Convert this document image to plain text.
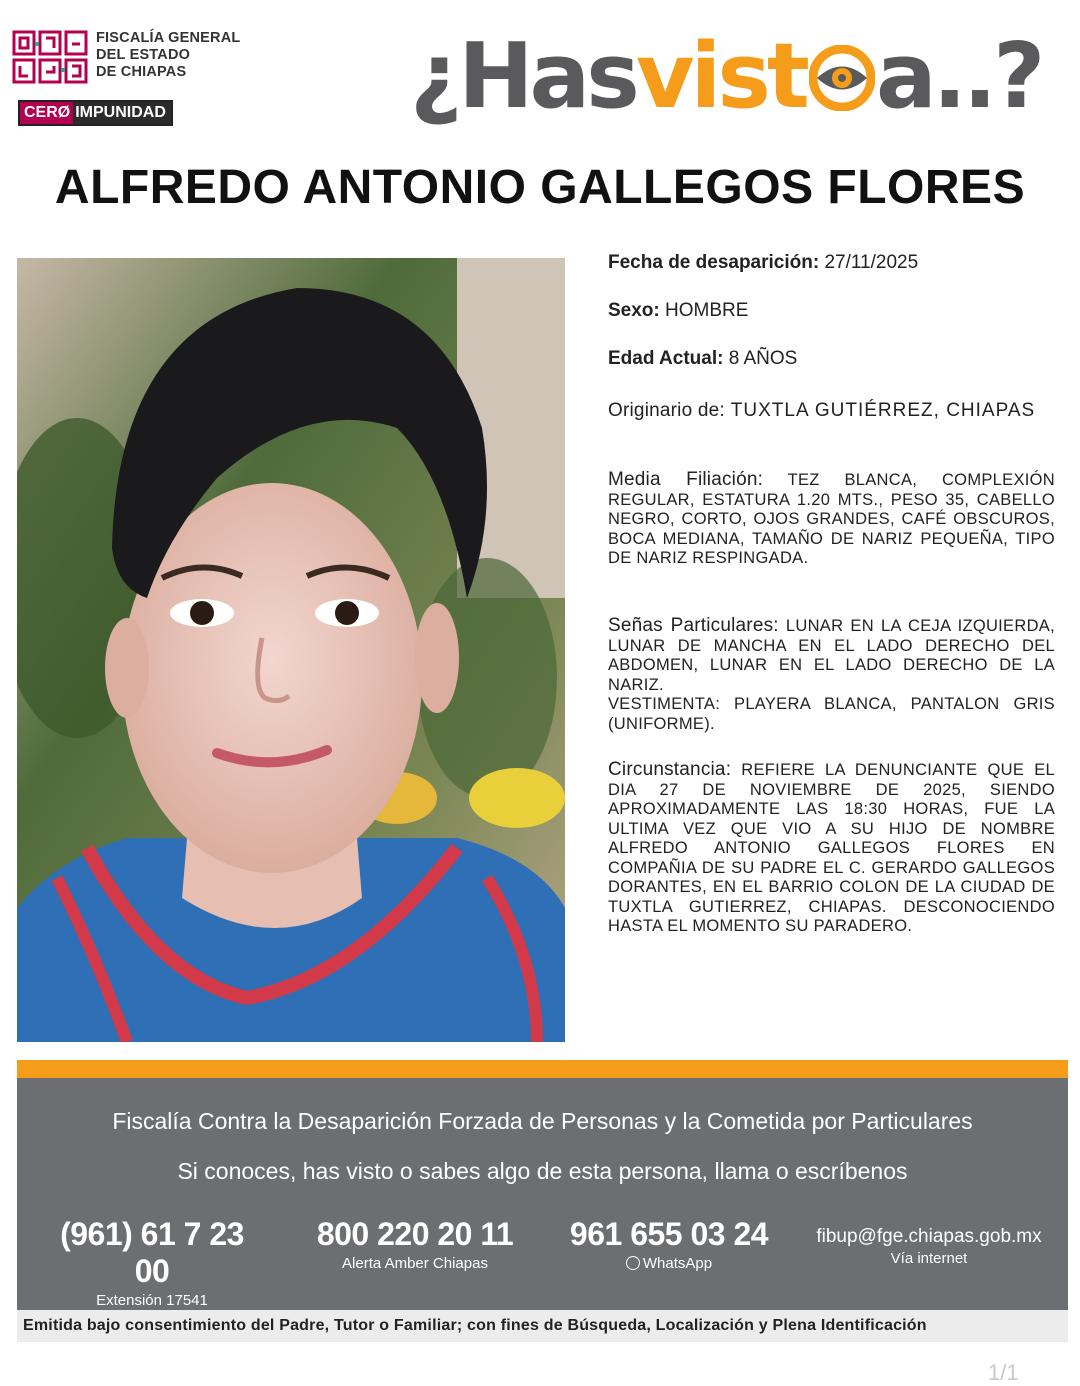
FISCALÍA GENERAL
DEL ESTADO
DE CHIAPAS
CERØ IMPUNIDAD	¿Hasvist a..?
ALFREDO ANTONIO GALLEGOS FLORES
Fecha de desaparición: 27/11/2025
Sexo: HOMBRE
Edad Actual: 8 AÑOS
Originario de: TUXTLA GUTIÉRREZ, CHIAPAS
Media Filiación: TEZ BLANCA, COMPLEXIÓN REGULAR, ESTATURA 1.20 MTS., PESO 35, CABELLO NEGRO, CORTO, OJOS GRANDES, CAFÉ OBSCUROS, BOCA MEDIANA, TAMAÑO DE NARIZ PEQUEÑA, TIPO DE NARIZ RESPINGADA.
Señas Particulares: LUNAR EN LA CEJA IZQUIERDA, LUNAR DE MANCHA EN EL LADO DERECHO DEL ABDOMEN, LUNAR EN EL LADO DERECHO DE LA NARIZ.
VESTIMENTA: PLAYERA BLANCA, PANTALON GRIS (UNIFORME).
Circunstancia: REFIERE LA DENUNCIANTE QUE EL DIA 27 DE NOVIEMBRE DE 2025, SIENDO APROXIMADAMENTE LAS 18:30 HORAS, FUE LA ULTIMA VEZ QUE VIO A SU HIJO DE NOMBRE ALFREDO ANTONIO GALLEGOS FLORES EN COMPAÑIA DE SU PADRE EL C. GERARDO GALLEGOS DORANTES, EN EL BARRIO COLON DE LA CIUDAD DE TUXTLA GUTIERREZ, CHIAPAS. DESCONOCIENDO HASTA EL MOMENTO SU PARADERO.
Fiscalía Contra la Desaparición Forzada de Personas y la Cometida por Particulares
Si conoces, has visto o sabes algo de esta persona, llama o escríbenos
(961) 61 7 23 00
Extensión 17541
800 220 20 11
Alerta Amber Chiapas
961 655 03 24
WhatsApp
fibup@fge.chiapas.gob.mx
Vía internet
Emitida bajo consentimiento del Padre, Tutor o Familiar; con fines de Búsqueda, Localización y Plena Identificación
1/1
